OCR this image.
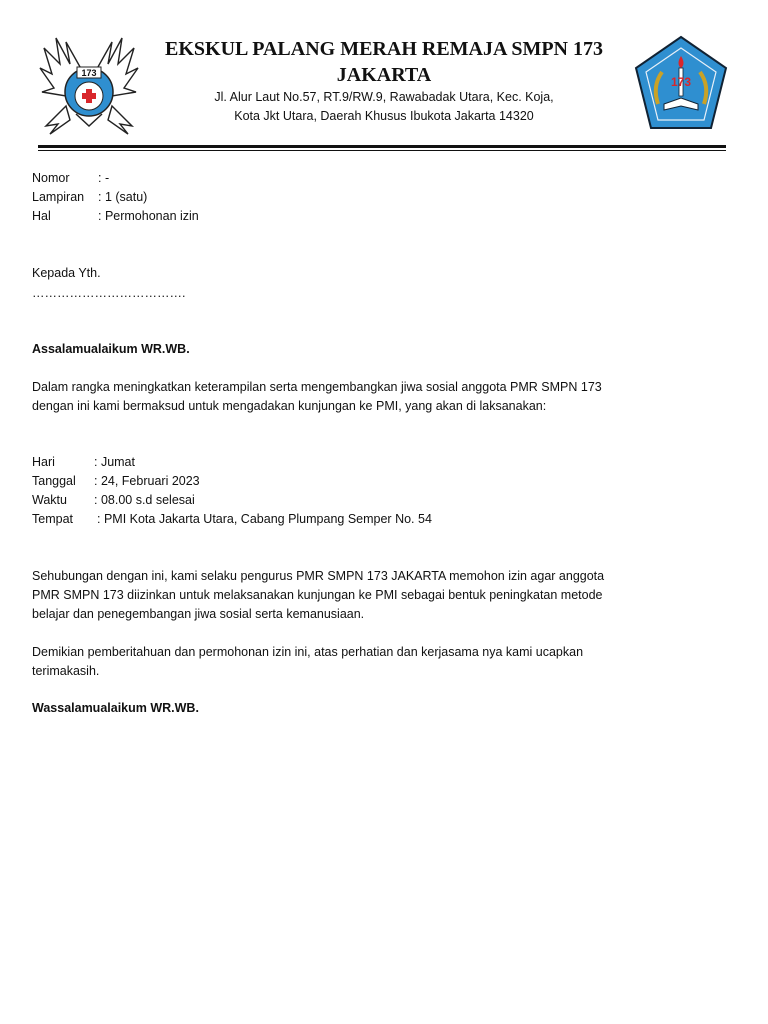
173
EKSKUL PALANG MERAH REMAJA SMPN 173 JAKARTA
Jl. Alur Laut No.57, RT.9/RW.9, Rawabadak Utara, Kec. Koja,
Kota Jkt Utara, Daerah Khusus Ibukota Jakarta 14320
173
Nomor : -
Lampiran : 1 (satu)
Hal	: Permohonan izin
Kepada Yth.
……………………………….
Assalamualaikum WR.WB.
Dalam rangka meningkatkan keterampilan serta mengembangkan jiwa sosial anggota PMR SMPN 173
dengan ini kami bermaksud untuk mengadakan kunjungan ke PMI, yang akan di laksanakan:
Hari	: Jumat
Tanggal : 24, Februari 2023
Waktu : 08.00 s.d selesai
Tempat : PMI Kota Jakarta Utara, Cabang Plumpang Semper No. 54
Sehubungan dengan ini, kami selaku pengurus PMR SMPN 173 JAKARTA memohon izin agar anggota
PMR SMPN 173 diizinkan untuk melaksanakan kunjungan ke PMI sebagai bentuk peningkatan metode
belajar dan penegembangan jiwa sosial serta kemanusiaan.
Demikian pemberitahuan dan permohonan izin ini, atas perhatian dan kerjasama nya kami ucapkan
terimakasih.
Wassalamualaikum WR.WB.
